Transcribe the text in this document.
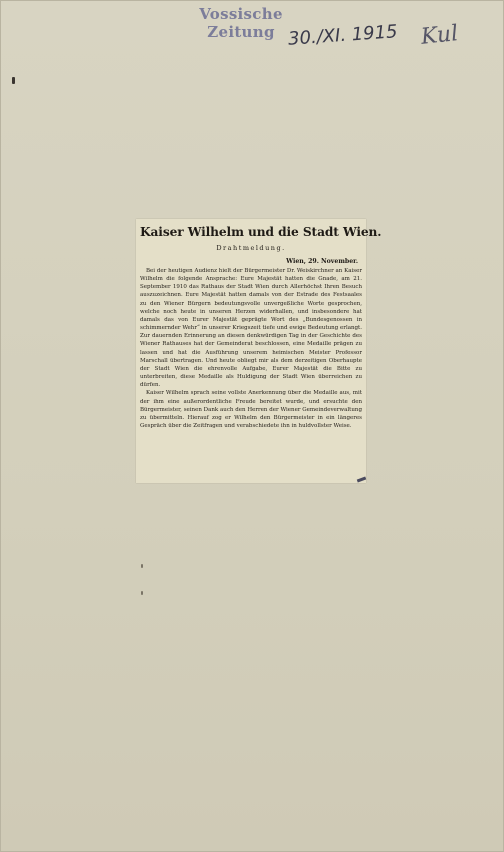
Vossische Zeitung 30./XI. 1915 Kul
Kaiser Wilhelm und die Stadt Wien.
Drahtmeldung.
Wien, 29. November.

Bei der heutigen Audienz hielt der Bürgermeister Dr. Weiskirchner an Kaiser Wilhelm die folgende Ansprache: Eure Majestät hatten die Gnade, am 21. September 1910 das Rathaus der Stadt Wien durch Allerhöchst Ihren Besuch auszuzeichnen. Eure Majestät hatten damals von der Estrade des Festsaales zu den Wiener Bürgern bedeutungsvolle unvergeßliche Worte gesprochen, welche noch heute in unseren Herzen widerhallen, und insbesondere hat damals das von Eurer Majestät geprägte Wort des „Bundesgenossen in schimmernder Wehr“ in unserer Kriegszeit tiefe und ewige Bedeutung erlangt. Zur dauernden Erinnerung an diesen denkwürdigen Tag in der Geschichte des Wiener Rathauses hat der Gemeinderat beschlossen, eine Medaille prägen zu lassen und hat die Ausführung unserem heimischen Meister Professor Marschall übertragen. Und heute obliegt mir als dem derzeitigen Oberhaupte der Stadt Wien die ehrenvolle Aufgabe, Eurer Majestät die Bitte zu unterbreiten, diese Medaille als Huldigung der Stadt Wien überreichen zu dürfen.

Kaiser Wilhelm sprach seine vollste Anerkennung über die Medaille aus, mit der ihm eine außerordentliche Freude bereitet wurde, und ersuchte den Bürgermeister, seinen Dank auch den Herren der Wiener Gemeindeverwaltung zu übermitteln. Hierauf zog er Wilhelm den Bürgermeister in ein längeres Gespräch über die Zeitfragen und verabschiedete ihn in huldvollster Weise.
